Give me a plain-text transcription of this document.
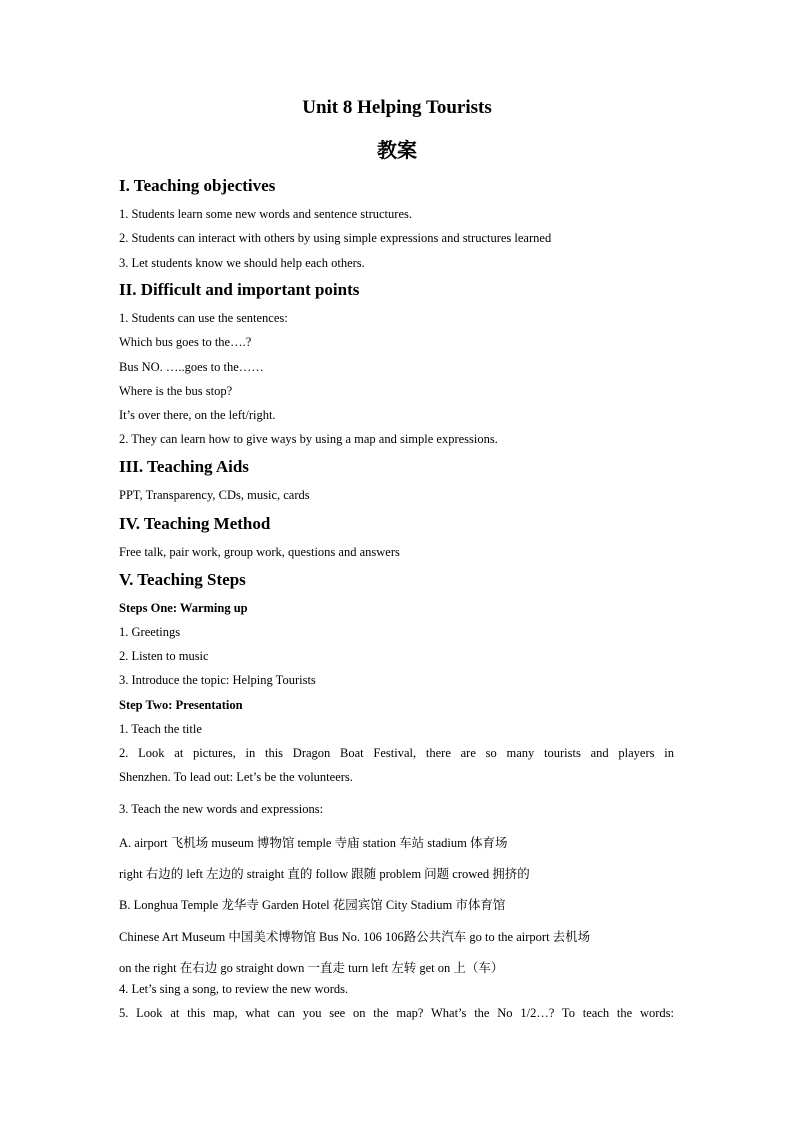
Unit 8 Helping Tourists
教案
I. Teaching objectives
1. Students learn some new words and sentence structures.
2. Students can interact with others by using simple expressions and structures learned
3. Let students know we should help each others.
II. Difficult and important points
1. Students can use the sentences:
Which bus goes to the….?
Bus NO. …..goes to the……
Where is the bus stop?
It’s over there, on the left/right.
2. They can learn how to give ways by using a map and simple expressions.
III. Teaching Aids
PPT, Transparency, CDs, music, cards
IV. Teaching Method
Free talk, pair work, group work, questions and answers
V. Teaching Steps
Steps One: Warming up
1. Greetings
2. Listen to music
3. Introduce the topic: Helping Tourists
Step Two: Presentation
1. Teach the title
2. Look at pictures, in this Dragon Boat Festival, there are so many tourists and players in
Shenzhen. To lead out: Let’s be the volunteers.
3. Teach the new words and expressions:
A. airport 飞机场 museum 博物馆 temple 寺庙 station 车站 stadium 体育场
right 右边的 left 左边的 straight 直的 follow 跟随 problem 问题 crowed 拥挤的
B. Longhua Temple 龙华寺 Garden Hotel 花园宾馆 City Stadium 市体育馆
Chinese Art Museum 中国美术博物馆 Bus No. 106 106路公共汽车 go to the airport 去机场
on the right 在右边 go straight down 一直走 turn left 左转 get on 上（车）
4. Let’s sing a song, to review the new words.
5. Look at this map, what can you see on the map? What’s the No 1/2…? To teach the words:
